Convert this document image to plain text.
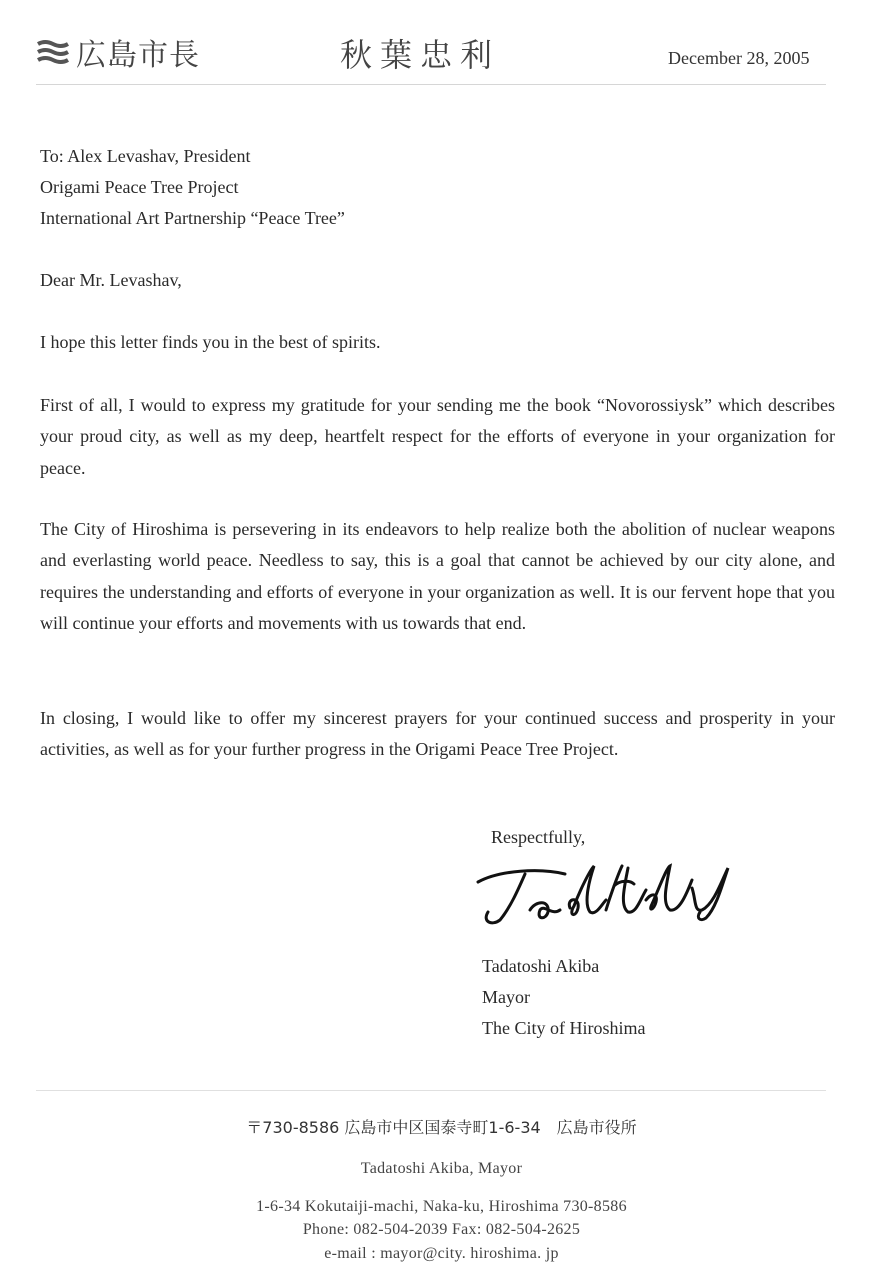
広島市長	秋葉忠利	December 28, 2005
To: Alex Levashav, President
Origami Peace Tree Project
International Art Partnership “Peace Tree”
Dear Mr. Levashav,

I hope this letter finds you in the best of spirits.

First of all, I would to express my gratitude for your sending me the book “Novorossiysk” which describes your proud city, as well as my deep, heartfelt respect for the efforts of everyone in your organization for peace.

The City of Hiroshima is persevering in its endeavors to help realize both the abolition of nuclear weapons and everlasting world peace. Needless to say, this is a goal that cannot be achieved by our city alone, and requires the understanding and efforts of everyone in your organization as well. It is our fervent hope that you will continue your efforts and movements with us towards that end.

In closing, I would like to offer my sincerest prayers for your continued success and prosperity in your activities, as well as for your further progress in the Origami Peace Tree Project.

Respectfully,
Tadatoshi Akiba
Mayor
The City of Hiroshima
〒730-8586 広島市中区国泰寺町1-6-34　広島市役所
Tadatoshi Akiba, Mayor
1-6-34 Kokutaiji-machi, Naka-ku, Hiroshima 730-8586
Phone: 082-504-2039 Fax: 082-504-2625
e-mail : mayor@city. hiroshima. jp
